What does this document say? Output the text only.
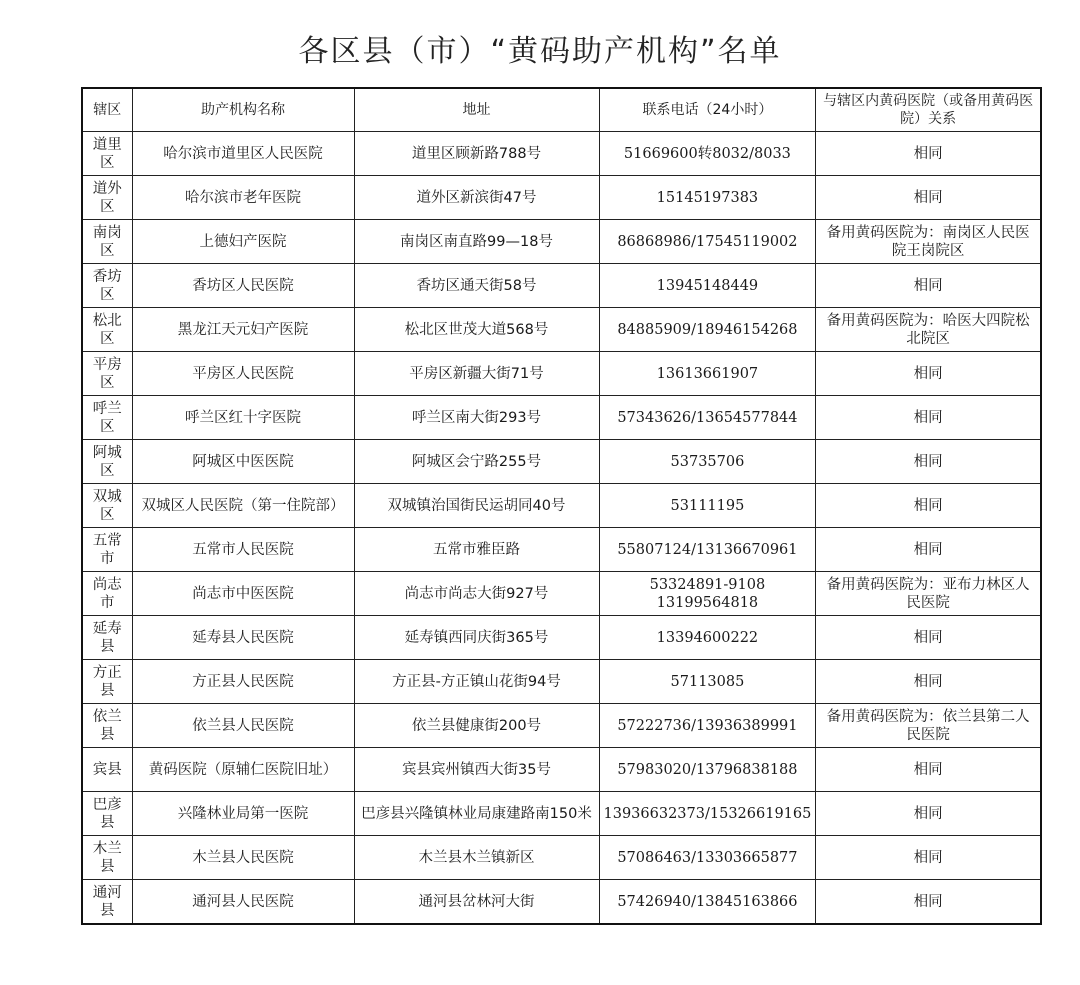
各区县（市）“黄码助产机构”名单
辖区	助产机构名称	地址	联系电话（24小时）	与辖区内黄码医院（或备用黄码医院）关系
道里区	哈尔滨市道里区人民医院	道里区顾新路788号	51669600转8032/8033	相同
道外区	哈尔滨市老年医院	道外区新滨街47号	15145197383	相同
南岗区	上德妇产医院	南岗区南直路99—18号	86868986/17545119002	备用黄码医院为：南岗区人民医院王岗院区
香坊区	香坊区人民医院	香坊区通天街58号	13945148449	相同
松北区	黑龙江天元妇产医院	松北区世茂大道568号	84885909/18946154268	备用黄码医院为：哈医大四院松北院区
平房区	平房区人民医院	平房区新疆大街71号	13613661907	相同
呼兰区	呼兰区红十字医院	呼兰区南大街293号	57343626/13654577844	相同
阿城区	阿城区中医医院	阿城区会宁路255号	53735706	相同
双城区	双城区人民医院（第一住院部）	双城镇治国街民运胡同40号	53111195	相同
五常市	五常市人民医院	五常市雅臣路	55807124/13136670961	相同
尚志市	尚志市中医医院	尚志市尚志大街927号	53324891-9108 13199564818	备用黄码医院为：亚布力林区人民医院
延寿县	延寿县人民医院	延寿镇西同庆街365号	13394600222	相同
方正县	方正县人民医院	方正县-方正镇山花街94号	57113085	相同
依兰县	依兰县人民医院	依兰县健康街200号	57222736/13936389991	备用黄码医院为：依兰县第二人民医院
宾县	黄码医院（原辅仁医院旧址）	宾县宾州镇西大街35号	57983020/13796838188	相同
巴彦县	兴隆林业局第一医院	巴彦县兴隆镇林业局康建路南150米	13936632373/15326619165	相同
木兰县	木兰县人民医院	木兰县木兰镇新区	57086463/13303665877	相同
通河县	通河县人民医院	通河县岔林河大街	57426940/13845163866	相同
